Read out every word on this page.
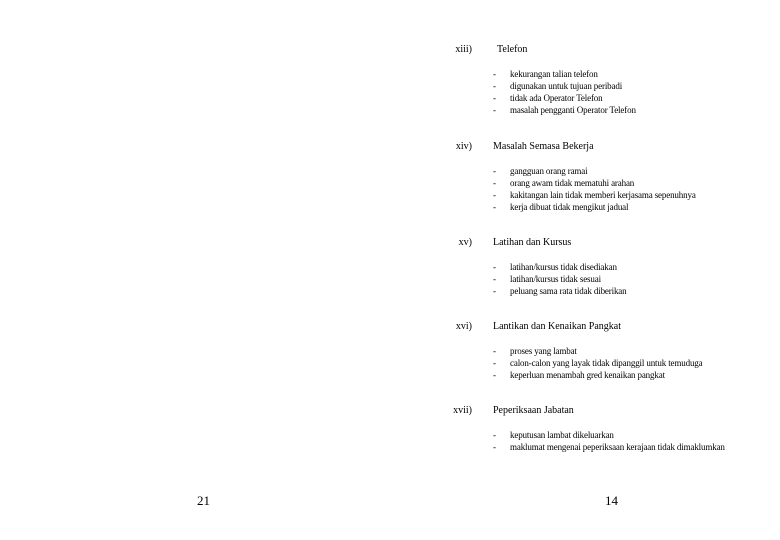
xiii)	Telefon
- kekurangan talian telefon
- digunakan untuk tujuan peribadi
- tidak ada Operator Telefon
- masalah pengganti Operator Telefon
xiv) Masalah Semasa Bekerja
- gangguan orang ramai
- orang awam tidak mematuhi arahan
- kakitangan lain tidak memberi kerjasama sepenuhnya
- kerja dibuat tidak mengikut jadual
xv) Latihan dan Kursus
- latihan/kursus tidak disediakan
- latihan/kursus tidak sesuai
- peluang sama rata tidak diberikan
xvi) Lantikan dan Kenaikan Pangkat
- proses yang lambat
- calon-calon yang layak tidak dipanggil untuk temuduga
- keperluan menambah gred kenaikan pangkat
xvii) Peperiksaan Jabatan
- keputusan lambat dikeluarkan
- maklumat mengenai peperiksaan kerajaan tidak dimaklumkan
21	14
